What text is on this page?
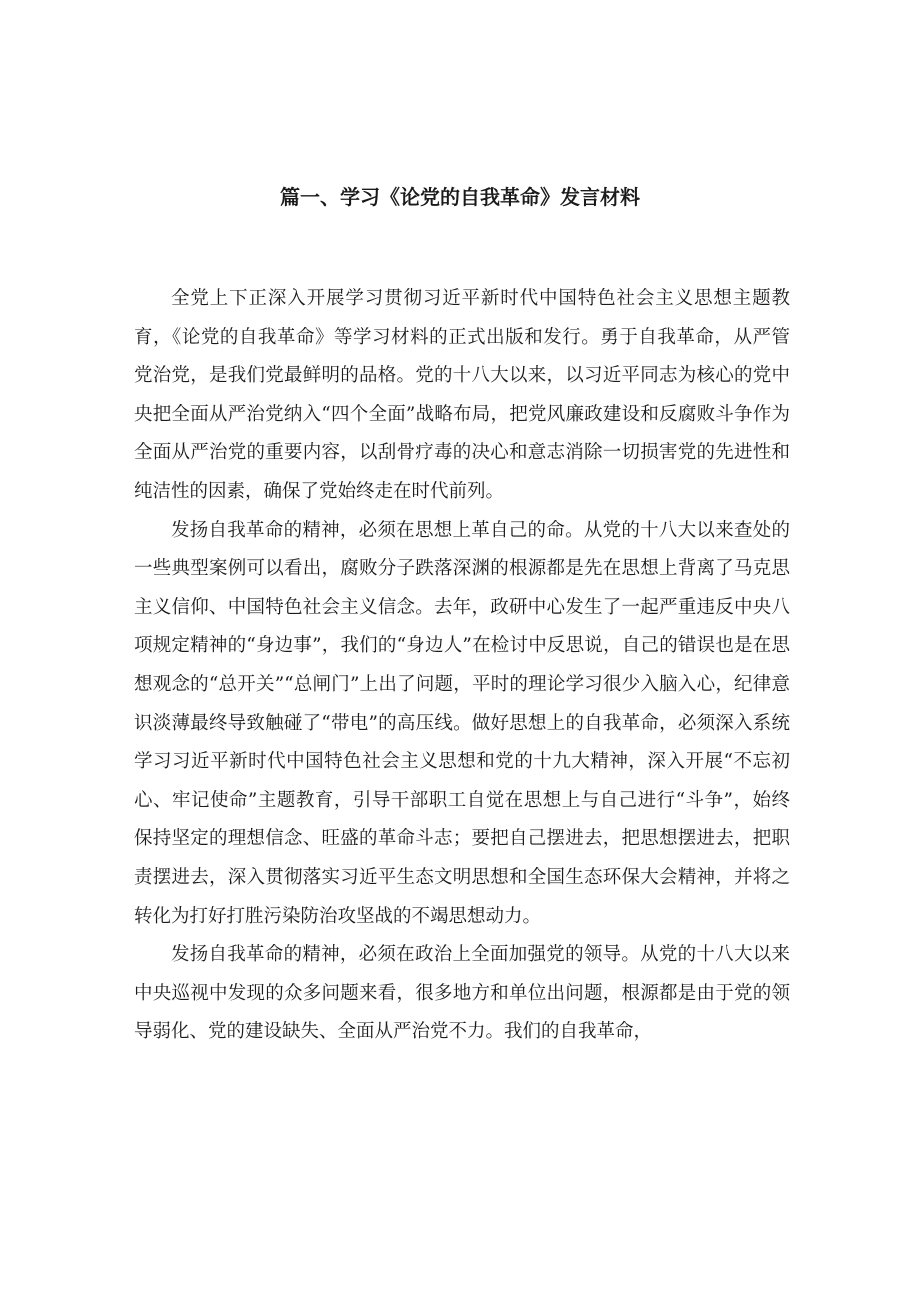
篇一、学习《论党的自我革命》发言材料

全党上下正深入开展学习贯彻习近平新时代中国特色社会主义思想主题教育，《论党的自我革命》等学习材料的正式出版和发行。勇于自我革命，从严管党治党，是我们党最鲜明的品格。党的十八大以来，以习近平同志为核心的党中央把全面从严治党纳入“四个全面”战略布局，把党风廉政建设和反腐败斗争作为全面从严治党的重要内容，以刮骨疗毒的决心和意志消除一切损害党的先进性和纯洁性的因素，确保了党始终走在时代前列。

发扬自我革命的精神，必须在思想上革自己的命。从党的十八大以来查处的一些典型案例可以看出，腐败分子跌落深渊的根源都是先在思想上背离了马克思主义信仰、中国特色社会主义信念。去年，政研中心发生了一起严重违反中央八项规定精神的“身边事”，我们的“身边人”在检讨中反思说，自己的错误也是在思想观念的“总开关”“总闸门”上出了问题，平时的理论学习很少入脑入心，纪律意识淡薄最终导致触碰了“带电”的高压线。做好思想上的自我革命，必须深入系统学习习近平新时代中国特色社会主义思想和党的十九大精神，深入开展“不忘初心、牢记使命”主题教育，引导干部职工自觉在思想上与自己进行“斗争”，始终保持坚定的理想信念、旺盛的革命斗志；要把自己摆进去，把思想摆进去，把职责摆进去，深入贯彻落实习近平生态文明思想和全国生态环保大会精神，并将之转化为打好打胜污染防治攻坚战的不竭思想动力。

发扬自我革命的精神，必须在政治上全面加强党的领导。从党的十八大以来中央巡视中发现的众多问题来看，很多地方和单位出问题，根源都是由于党的领导弱化、党的建设缺失、全面从严治党不力。我们的自我革命，
